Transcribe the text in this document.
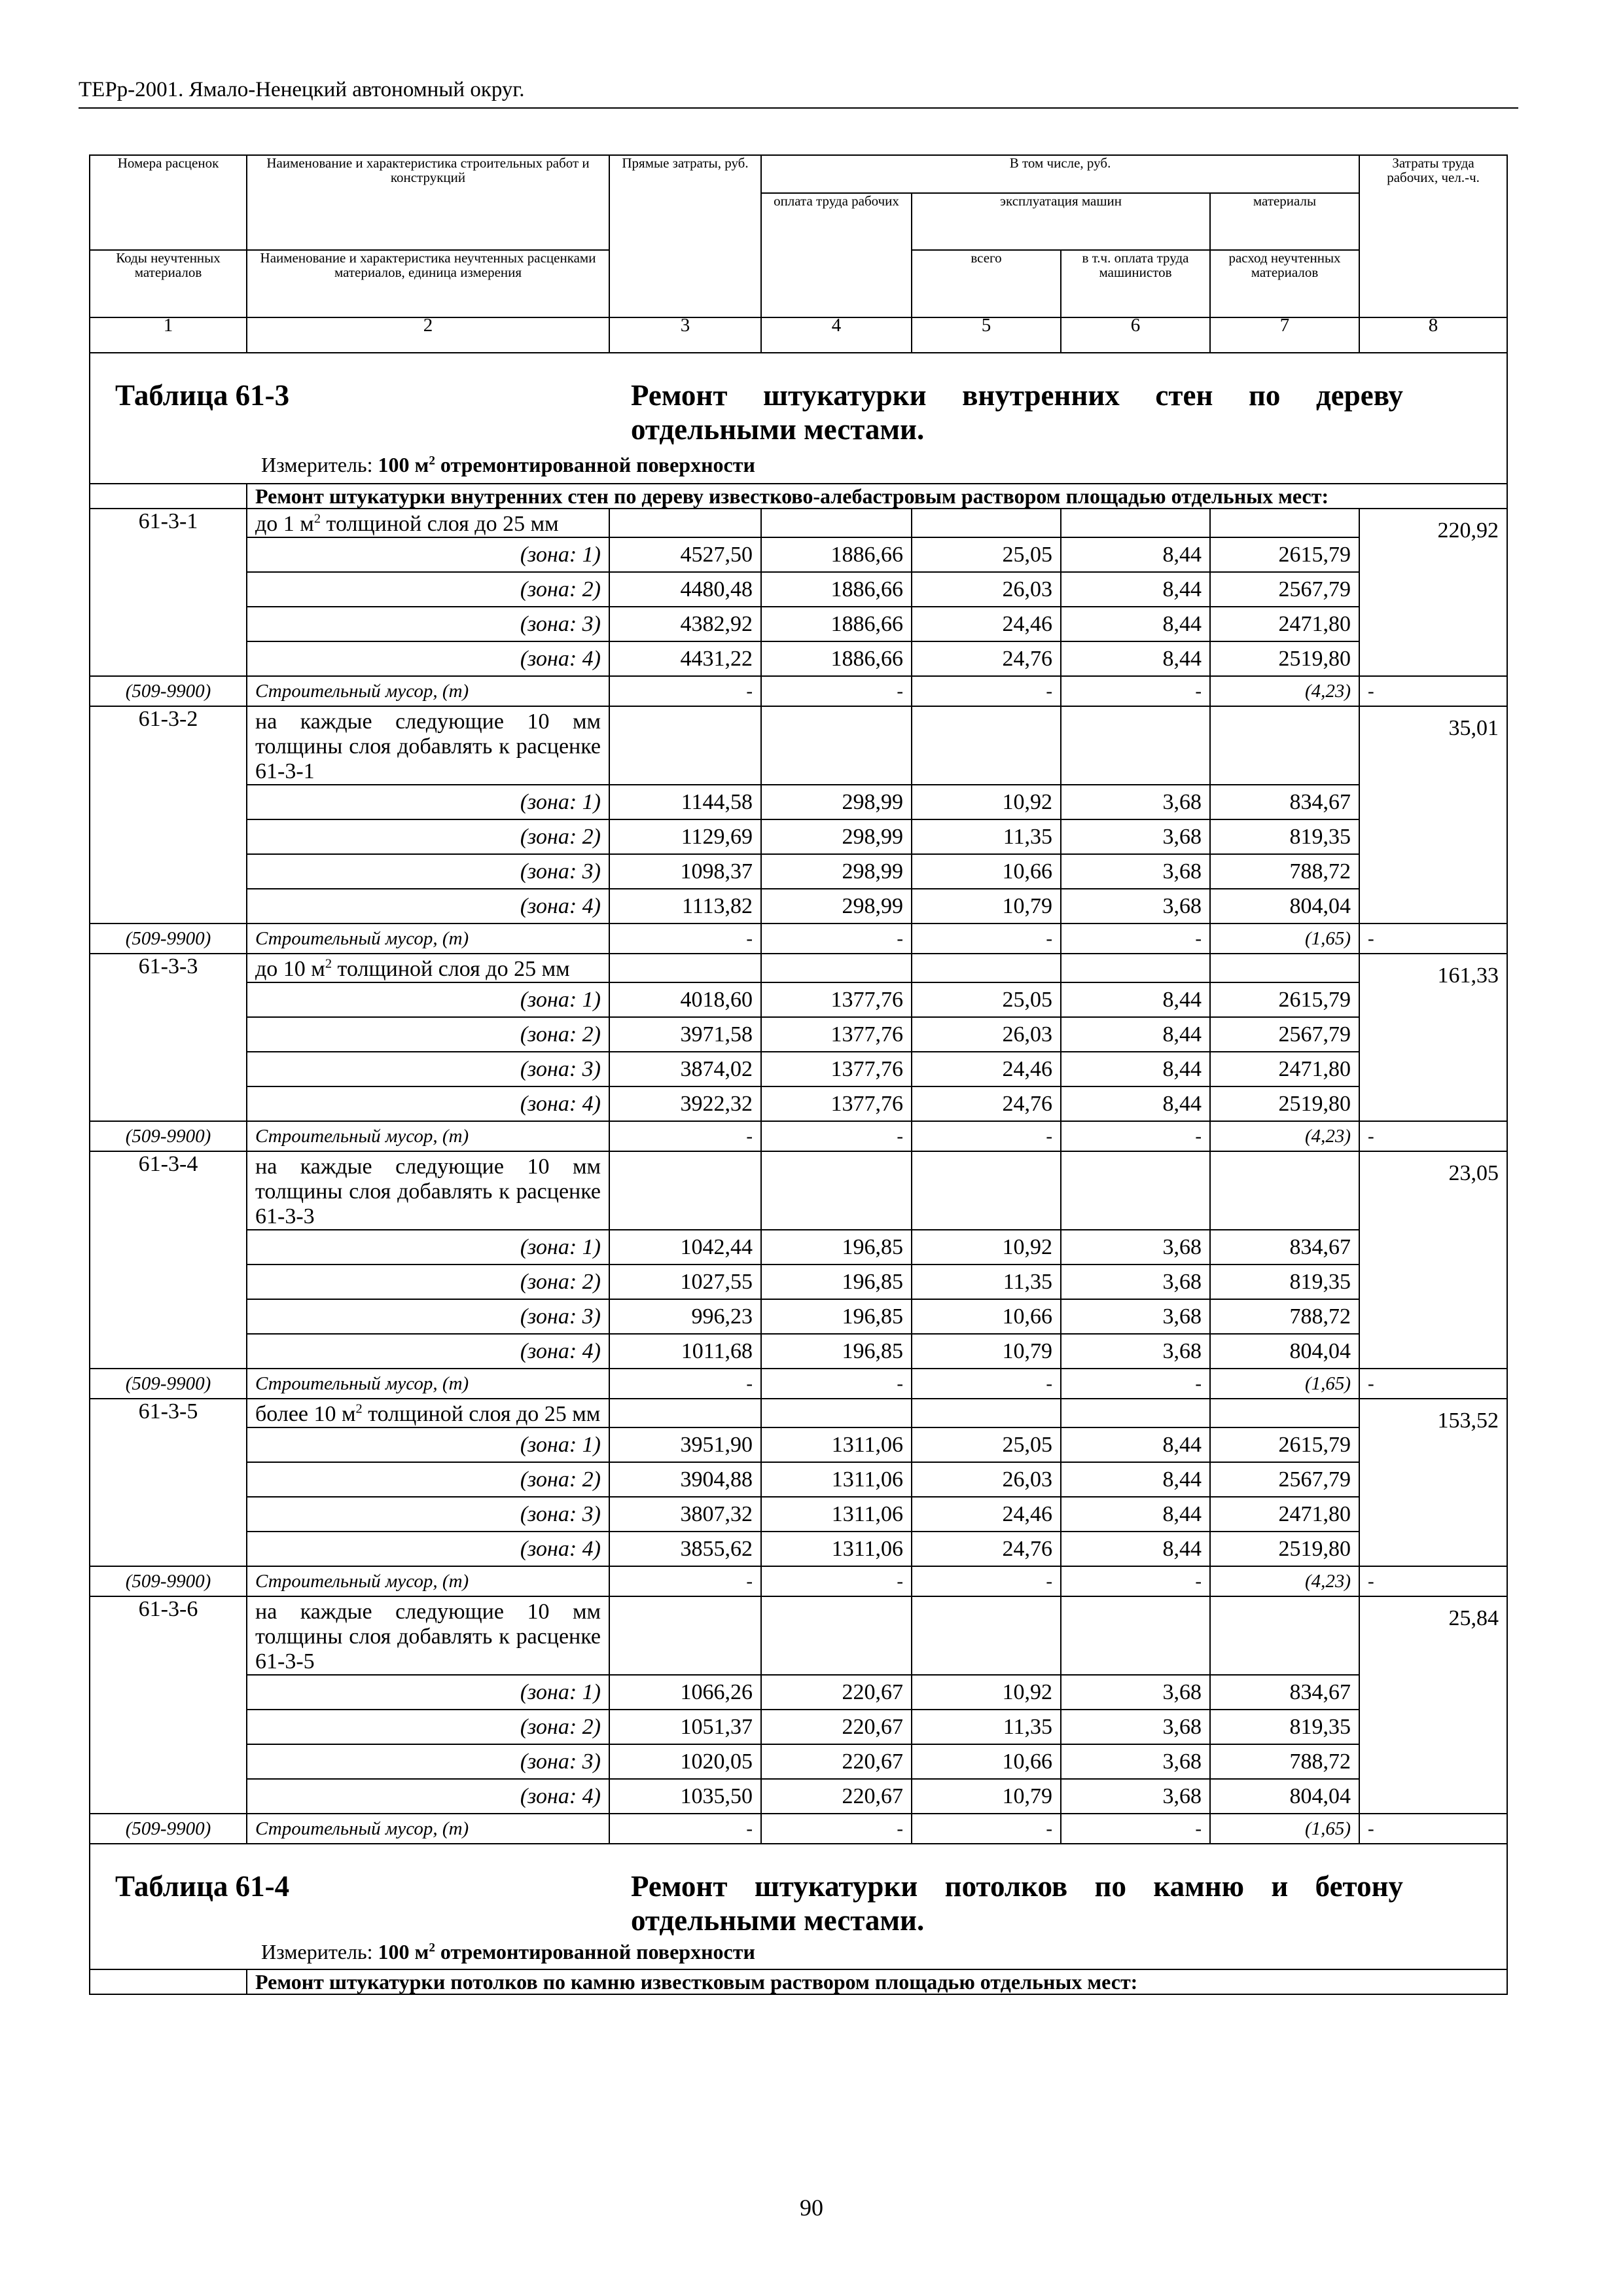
ТЕРр-2001. Ямало-Ненецкий автономный округ.
Номера расценок	Наименование и характеристика строительных работ и конструкций	Прямые затраты, руб.	В том числе, руб.				Затраты труда рабочих, чел.-ч.
			оплата труда рабочих	эксплуатация машин		материалы	
Коды неучтенных материалов	Наименование и характеристика неучтенных расценками материалов, единица измерения			всего	в т.ч. оплата труда машинистов	расход неучтенных материалов	
1	2	3	4	5	6	7	8

Таблица 61-3 Ремонт штукатурки внутренних стен по дереву отдельными местами.
Измеритель: 100 $м^2$ отремонтированной поверхности							

	Ремонт штукатурки внутренних стен по дереву известково-алебастровым раствором площадью отдельных мест:						
61-3-1	до 1 $м^2$ толщиной слоя до 25 мм						220,92
	(зона: 1)	4527,50	1886,66	25,05	8,44	2615,79	
	(зона: 2)	4480,48	1886,66	26,03	8,44	2567,79	
	(зона: 3)	4382,92	1886,66	24,46	8,44	2471,80	
	(зона: 4)	4431,22	1886,66	24,76	8,44	2519,80	
(509-9900)	Строительный мусор, (т)	-	-	-	-	(4,23)	-
61-3-2	на каждые следующие 10 мм толщины слоя добавлять к расценке 61-3-1						35,01
	(зона: 1)	1144,58	298,99	10,92	3,68	834,67	
	(зона: 2)	1129,69	298,99	11,35	3,68	819,35	
	(зона: 3)	1098,37	298,99	10,66	3,68	788,72	
	(зона: 4)	1113,82	298,99	10,79	3,68	804,04	
(509-9900)	Строительный мусор, (т)	-	-	-	-	(1,65)	-
61-3-3	до 10 $м^2$ толщиной слоя до 25 мм						161,33
	(зона: 1)	4018,60	1377,76	25,05	8,44	2615,79	
	(зона: 2)	3971,58	1377,76	26,03	8,44	2567,79	
	(зона: 3)	3874,02	1377,76	24,46	8,44	2471,80	
	(зона: 4)	3922,32	1377,76	24,76	8,44	2519,80	
(509-9900)	Строительный мусор, (т)	-	-	-	-	(4,23)	-
61-3-4	на каждые следующие 10 мм толщины слоя добавлять к расценке 61-3-3						23,05
	(зона: 1)	1042,44	196,85	10,92	3,68	834,67	
	(зона: 2)	1027,55	196,85	11,35	3,68	819,35	
	(зона: 3)	996,23	196,85	10,66	3,68	788,72	
	(зона: 4)	1011,68	196,85	10,79	3,68	804,04	
(509-9900)	Строительный мусор, (т)	-	-	-	-	(1,65)	-
61-3-5	более 10 $м^2$ толщиной слоя до 25 мм						153,52
	(зона: 1)	3951,90	1311,06	25,05	8,44	2615,79	
	(зона: 2)	3904,88	1311,06	26,03	8,44	2567,79	
	(зона: 3)	3807,32	1311,06	24,46	8,44	2471,80	
	(зона: 4)	3855,62	1311,06	24,76	8,44	2519,80	
(509-9900)	Строительный мусор, (т)	-	-	-	-	(4,23)	-
61-3-6	на каждые следующие 10 мм толщины слоя добавлять к расценке 61-3-5						25,84
	(зона: 1)	1066,26	220,67	10,92	3,68	834,67	
	(зона: 2)	1051,37	220,67	11,35	3,68	819,35	
	(зона: 3)	1020,05	220,67	10,66	3,68	788,72	
	(зона: 4)	1035,50	220,67	10,79	3,68	804,04	
(509-9900)	Строительный мусор, (т)	-	-	-	-	(1,65)	-

Таблица 61-4 Ремонт штукатурки потолков по камню и бетону отдельными местами.
Измеритель: 100 $м^2$ отремонтированной поверхности							

	Ремонт штукатурки потолков по камню известковым раствором площадью отдельных мест:						
90
